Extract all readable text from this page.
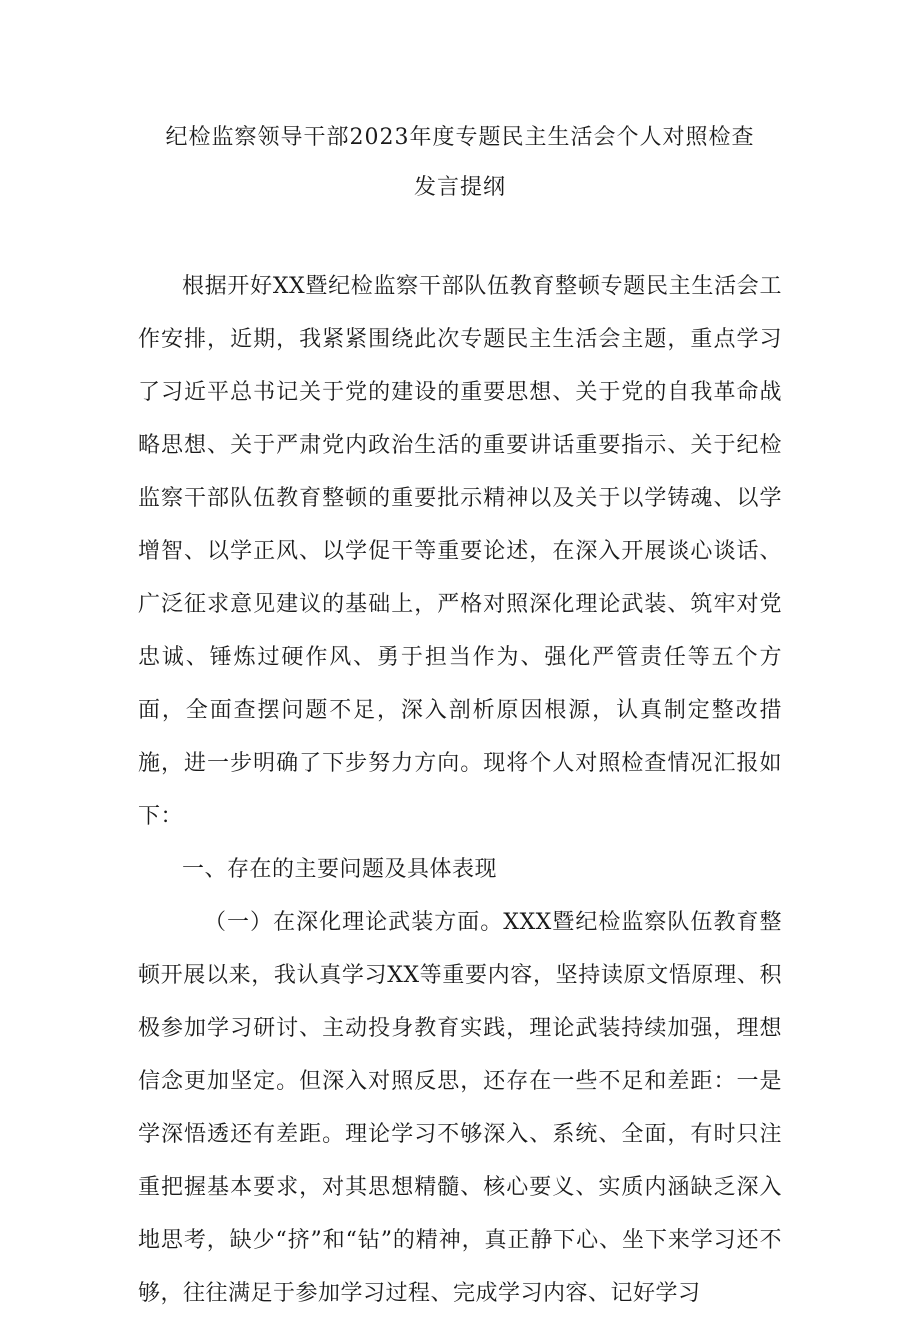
纪检监察领导干部2023年度专题民主生活会个人对照检查
发言提纲

根据开好XX暨纪检监察干部队伍教育整顿专题民主生活会工作安排，近期，我紧紧围绕此次专题民主生活会主题，重点学习了习近平总书记关于党的建设的重要思想、关于党的自我革命战略思想、关于严肃党内政治生活的重要讲话重要指示、关于纪检监察干部队伍教育整顿的重要批示精神以及关于以学铸魂、以学增智、以学正风、以学促干等重要论述，在深入开展谈心谈话、广泛征求意见建议的基础上，严格对照深化理论武装、筑牢对党忠诚、锤炼过硬作风、勇于担当作为、强化严管责任等五个方面，全面查摆问题不足，深入剖析原因根源，认真制定整改措施，进一步明确了下步努力方向。现将个人对照检查情况汇报如下：

一、存在的主要问题及具体表现

（一）在深化理论武装方面。XXX暨纪检监察队伍教育整顿开展以来，我认真学习XX等重要内容，坚持读原文悟原理、积极参加学习研讨、主动投身教育实践，理论武装持续加强，理想信念更加坚定。但深入对照反思，还存在一些不足和差距：一是学深悟透还有差距。理论学习不够深入、系统、全面，有时只注重把握基本要求，对其思想精髓、核心要义、实质内涵缺乏深入地思考，缺少“挤”和“钻”的精神，真正静下心、坐下来学习还不够，往往满足于参加学习过程、完成学习内容、记好学习
